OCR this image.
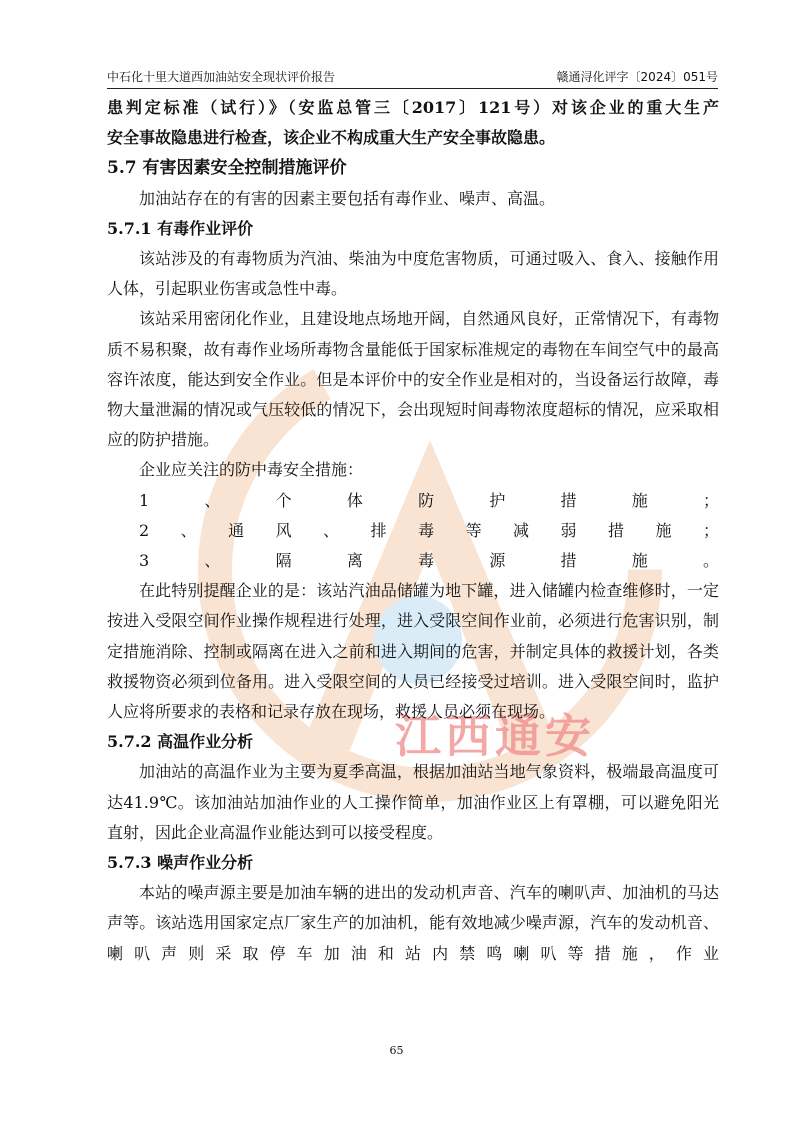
中石化十里大道西加油站安全现状评价报告	赣通浔化评字〔2024〕051号
江西通安

患判定标准（试行）》（安监总管三〔2017〕121号）对该企业的重大生产

安全事故隐患进行检查，该企业不构成重大生产安全事故隐患。

5.7 有害因素安全控制措施评价

加油站存在的有害的因素主要包括有毒作业、噪声、高温。

5.7.1 有毒作业评价

该站涉及的有毒物质为汽油、柴油为中度危害物质，可通过吸入、食入、接触作用人体，引起职业伤害或急性中毒。

该站采用密闭化作业，且建设地点场地开阔，自然通风良好，正常情况下，有毒物质不易积聚，故有毒作业场所毒物含量能低于国家标准规定的毒物在车间空气中的最高容许浓度，能达到安全作业。但是本评价中的安全作业是相对的，当设备运行故障，毒物大量泄漏的情况或气压较低的情况下，会出现短时间毒物浓度超标的情况，应采取相应的防护措施。

企业应关注的防中毒安全措施：

1、个体防护措施；

2、通风、排毒等减弱措施；

3、隔离毒源措施。

在此特别提醒企业的是：该站汽油品储罐为地下罐，进入储罐内检查维修时，一定按进入受限空间作业操作规程进行处理，进入受限空间作业前，必须进行危害识别，制定措施消除、控制或隔离在进入之前和进入期间的危害，并制定具体的救援计划，各类救援物资必须到位备用。进入受限空间的人员已经接受过培训。进入受限空间时，监护人应将所要求的表格和记录存放在现场，救援人员必须在现场。

5.7.2 高温作业分析

加油站的高温作业为主要为夏季高温，根据加油站当地气象资料，极端最高温度可达41.9℃。该加油站加油作业的人工操作简单，加油作业区上有罩棚，可以避免阳光直射，因此企业高温作业能达到可以接受程度。

5.7.3 噪声作业分析

本站的噪声源主要是加油车辆的进出的发动机声音、汽车的喇叭声、加油机的马达声等。该站选用国家定点厂家生产的加油机，能有效地减少噪声源，汽车的发动机音、喇叭声则采取停车加油和站内禁鸣喇叭等措施，作业

65
